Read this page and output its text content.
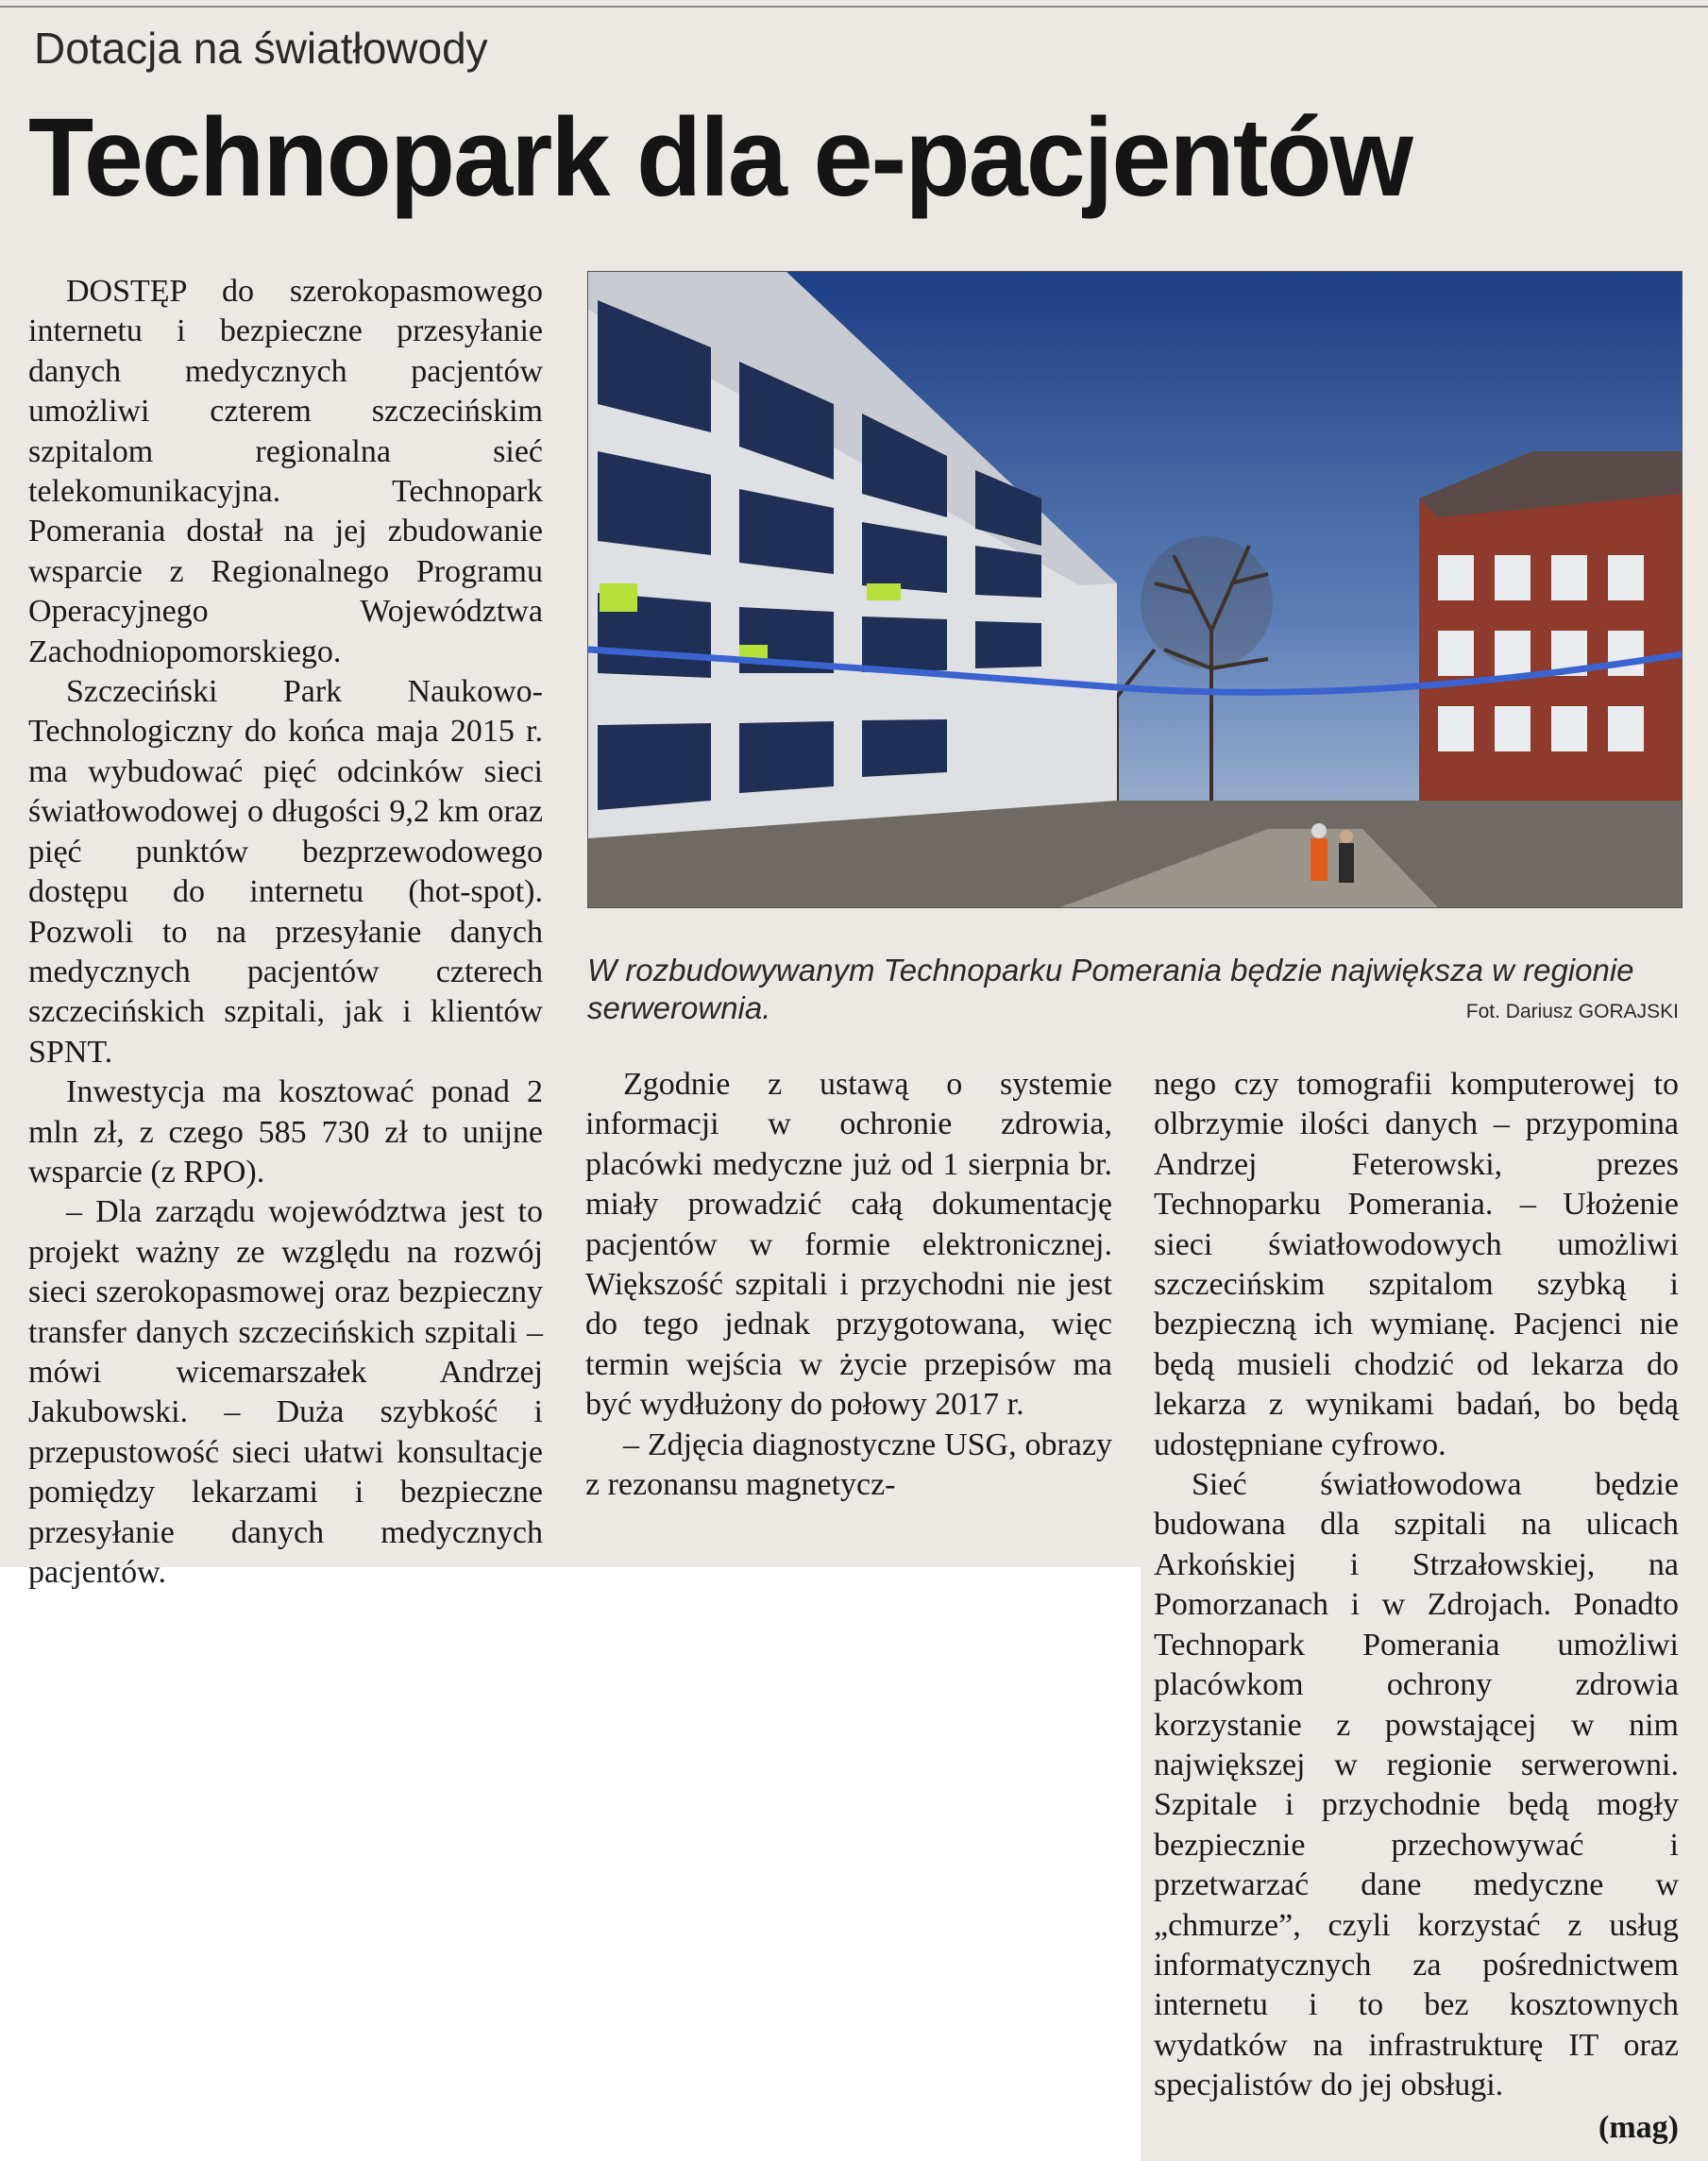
Dotacja na światłowody
Technopark dla e-pacjentów

DOSTĘP do szerokopasmowego internetu i bezpieczne przesyłanie danych medycznych pacjentów umożliwi czterem szczecińskim szpitalom regionalna sieć telekomunikacyjna. Technopark Pomerania dostał na jej zbudowanie wsparcie z Regionalnego Programu Operacyjnego Województwa Zachodniopomorskiego.

Szczeciński Park Naukowo-Technologiczny do końca maja 2015 r. ma wybudować pięć odcinków sieci światłowodowej o długości 9,2 km oraz pięć punktów bezprzewodowego dostępu do internetu (hot-spot). Pozwoli to na przesyłanie danych medycznych pacjentów czterech szczecińskich szpitali, jak i klientów SPNT.

Inwestycja ma kosztować ponad 2 mln zł, z czego 585 730 zł to unijne wsparcie (z RPO).

– Dla zarządu województwa jest to projekt ważny ze względu na rozwój sieci szerokopasmowej oraz bezpieczny transfer danych szczecińskich szpitali – mówi wicemarszałek Andrzej Jakubowski. – Duża szybkość i przepustowość sieci ułatwi konsultacje pomiędzy lekarzami i bezpieczne przesyłanie danych medycznych pacjentów.

W rozbudowywanym Technoparku Pomerania będzie największa w regionie serwerownia.	Fot. Dariusz GORAJSKI

Zgodnie z ustawą o systemie informacji w ochronie zdrowia, placówki medyczne już od 1 sierpnia br. miały prowadzić całą dokumentację pacjentów w formie elektronicznej. Większość szpitali i przychodni nie jest do tego jednak przygotowana, więc termin wejścia w życie przepisów ma być wydłużony do połowy 2017 r.

– Zdjęcia diagnostyczne USG, obrazy z rezonansu magnetycz-

nego czy tomografii komputerowej to olbrzymie ilości danych – przypomina Andrzej Feterowski, prezes Technoparku Pomerania. – Ułożenie sieci światłowodowych umożliwi szczecińskim szpitalom szybką i bezpieczną ich wymianę. Pacjenci nie będą musieli chodzić od lekarza do lekarza z wynikami badań, bo będą udostępniane cyfrowo.

Sieć światłowodowa będzie budowana dla szpitali na ulicach Arkońskiej i Strzałowskiej, na Pomorzanach i w Zdrojach. Ponadto Technopark Pomerania umożliwi placówkom ochrony zdrowia korzystanie z powstającej w nim największej w regionie serwerowni. Szpitale i przychodnie będą mogły bezpiecznie przechowywać i przetwarzać dane medyczne w „chmurze”, czyli korzystać z usług informatycznych za pośrednictwem internetu i to bez kosztownych wydatków na infrastrukturę IT oraz specjalistów do jej obsługi.

(mag)
